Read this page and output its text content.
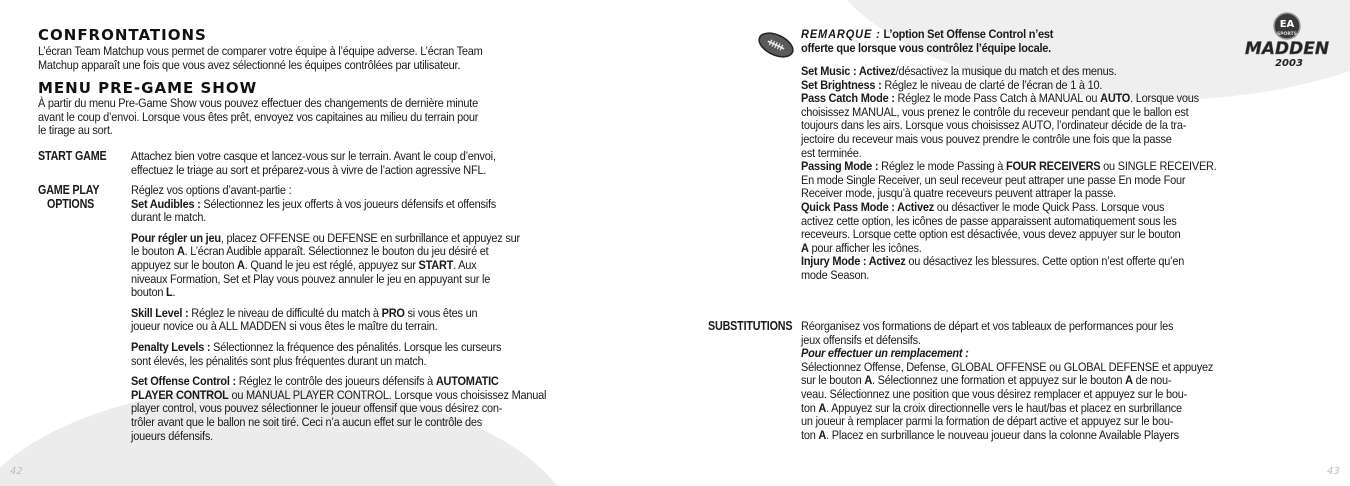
CONFRONTATIONS
L’écran Team Matchup vous permet de comparer votre équipe à l’équipe adverse. L’écran Team
Matchup apparaît une fois que vous avez sélectionné les équipes contrôlées par utilisateur.
MENU PRE-GAME SHOW
À partir du menu Pre-Game Show vous pouvez effectuer des changements de dernière minute
avant le coup d’envoi. Lorsque vous êtes prêt, envoyez vos capitaines au milieu du terrain pour
le tirage au sort.
START GAME Attachez bien votre casque et lancez-vous sur le terrain. Avant le coup d’envoi,
effectuez le triage au sort et préparez-vous à vivre de l’action agressive NFL.
GAME PLAY
OPTIONS
Réglez vos options d’avant-partie :
Set Audibles : Sélectionnez les jeux offerts à vos joueurs défensifs et offensifs
durant le match.
Pour régler un jeu, placez OFFENSE ou DEFENSE en surbrillance et appuyez sur
le bouton A. L’écran Audible apparaît. Sélectionnez le bouton du jeu désiré et
appuyez sur le bouton A. Quand le jeu est réglé, appuyez sur START. Aux
niveaux Formation, Set et Play vous pouvez annuler le jeu en appuyant sur le
bouton L.
Skill Level : Réglez le niveau de difficulté du match à PRO si vous êtes un
joueur novice ou à ALL MADDEN si vous êtes le maître du terrain.
Penalty Levels : Sélectionnez la fréquence des pénalités. Lorsque les curseurs
sont élevés, les pénalités sont plus fréquentes durant un match.
Set Offense Control : Réglez le contrôle des joueurs défensifs à AUTOMATIC
PLAYER CONTROL ou MANUAL PLAYER CONTROL. Lorsque vous choisissez Manual
player control, vous pouvez sélectionner le joueur offensif que vous désirez con-
trôler avant que le ballon ne soit tiré. Ceci n’a aucun effet sur le contrôle des
joueurs défensifs.
42
REMARQUE : L’option Set Offense Control n’est
offerte que lorsque vous contrôlez l’équipe locale.
Set Music : Activez/désactivez la musique du match et des menus.
Set Brightness : Réglez le niveau de clarté de l’écran de 1 à 10.
Pass Catch Mode : Réglez le mode Pass Catch à MANUAL ou AUTO. Lorsque vous
choisissez MANUAL, vous prenez le contrôle du receveur pendant que le ballon est
toujours dans les airs. Lorsque vous choisissez AUTO, l’ordinateur décide de la tra-
jectoire du receveur mais vous pouvez prendre le contrôle une fois que la passe
est terminée.
Passing Mode : Réglez le mode Passing à FOUR RECEIVERS ou SINGLE RECEIVER.
En mode Single Receiver, un seul receveur peut attraper une passe En mode Four
Receiver mode, jusqu’à quatre receveurs peuvent attraper la passe.
Quick Pass Mode : Activez ou désactiver le mode Quick Pass. Lorsque vous
activez cette option, les icônes de passe apparaissent automatiquement sous les
receveurs. Lorsque cette option est désactivée, vous devez appuyer sur le bouton
A pour afficher les icônes.
Injury Mode : Activez ou désactivez les blessures. Cette option n’est offerte qu’en
mode Season.
SUBSTITUTIONS Réorganisez vos formations de départ et vos tableaux de performances pour les
jeux offensifs et défensifs.
Pour effectuer un remplacement :
Sélectionnez Offense, Defense, GLOBAL OFFENSE ou GLOBAL DEFENSE et appuyez
sur le bouton A. Sélectionnez une formation et appuyez sur le bouton A de nou-
veau. Sélectionnez une position que vous désirez remplacer et appuyez sur le bou-
ton A. Appuyez sur la croix directionnelle vers le haut/bas et placez en surbrillance
un joueur à remplacer parmi la formation de départ active et appuyez sur le bou-
ton A. Placez en surbrillance le nouveau joueur dans la colonne Available Players
EA
SPORTS
MADDEN
2003
43
